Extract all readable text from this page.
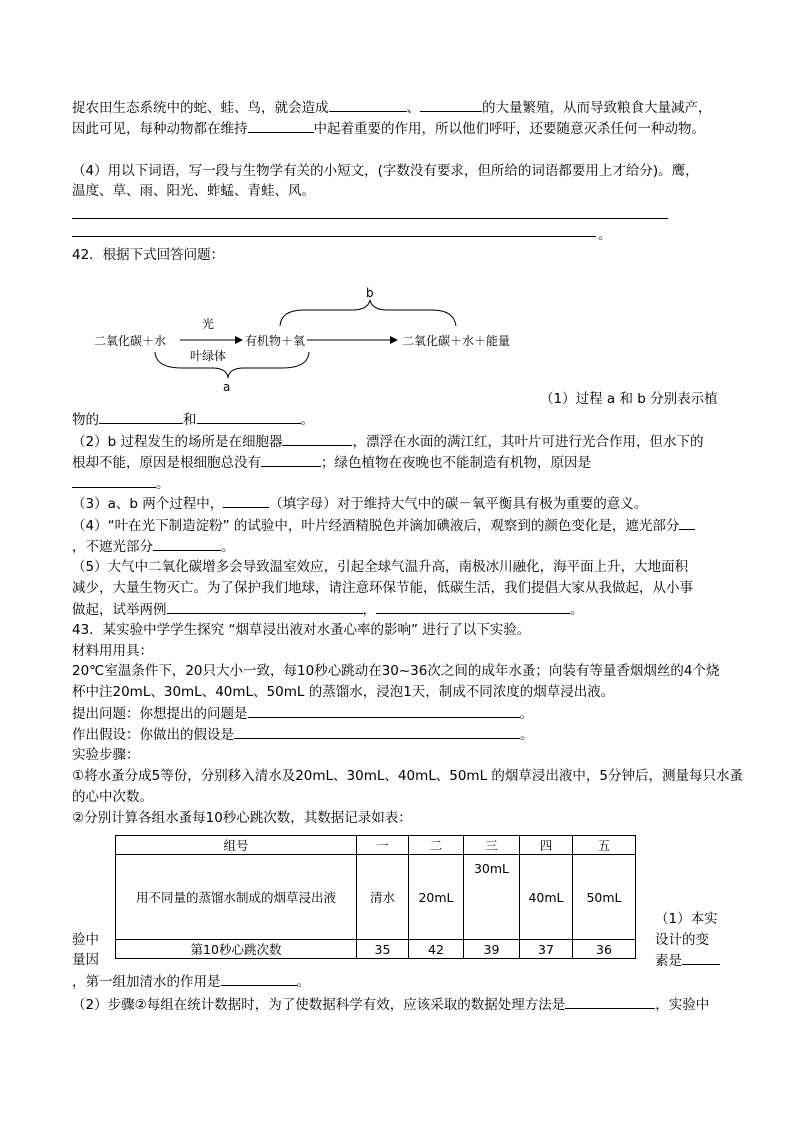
捉农田生态系统中的蛇、蛙、鸟，就会造成	、	的大量繁殖，从而导致粮食大量减产，
因此可见，每种动物都在维持	中起着重要的作用，所以他们呼吁，还要随意灭杀任何一种动物。
（4）用以下词语，写一段与生物学有关的小短文，(字数没有要求，但所给的词语都要用上才给分)。鹰，
温度、草、雨、阳光、蚱蜢、青蛙、风。
。
42．根据下式回答问题：
二氧化碳＋水
光
叶绿体
有机物＋氧	二氧化碳＋水＋能量
a
b
（1）过程 a 和 b 分别表示植
物的	和	。
（2）b 过程发生的场所是在细胞器	，漂浮在水面的满江红，其叶片可进行光合作用，但水下的
根却不能，原因是根细胞总没有	；绿色植物在夜晚也不能制造有机物，原因是
。
（3）a、b 两个过程中，	（填字母）对于维持大气中的碳－氧平衡具有极为重要的意义。
（4）“叶在光下制造淀粉” 的试验中，叶片经酒精脱色并滴加碘液后，观察到的颜色变化是，遮光部分
，不遮光部分	。
（5）大气中二氧化碳增多会导致温室效应，引起全球气温升高，南极冰川融化，海平面上升，大地面积
减少，大量生物灭亡。为了保护我们地球，请注意环保节能，低碳生活，我们提倡大家从我做起，从小事
做起，试举两例	，	。
43．某实验中学学生探究 “烟草浸出液对水蚤心率的影响” 进行了以下实验。
材料用用具：
20℃室温条件下，20只大小一致，每10秒心跳动在30~36次之间的成年水蚤；向装有等量香烟烟丝的4个烧
杯中注20mL、30mL、40mL、50mL 的蒸馏水，浸泡1天，制成不同浓度的烟草浸出液。
提出问题：你想提出的问题是	。
作出假设：你做出的假设是	。
实验步骤：
①将水蚤分成5等份，分别移入清水及20mL、30mL、40mL、50mL 的烟草浸出液中，5分钟后，测量每只水蚤
的心中次数。
②分别计算各组水蚤每10秒心跳次数，其数据记录如表：
组号	一	二	三	四	五
用不同量的蒸馏水制成的烟草浸出液	清水	20mL	30mL	40mL	50mL
第10秒心跳次数	35	42	39	37	36
验中
量因
（1）本实
设计的变
素是
，第一组加清水的作用是	。
（2）步骤②每组在统计数据时，为了使数据科学有效，应该采取的数据处理方法是	，实验中
